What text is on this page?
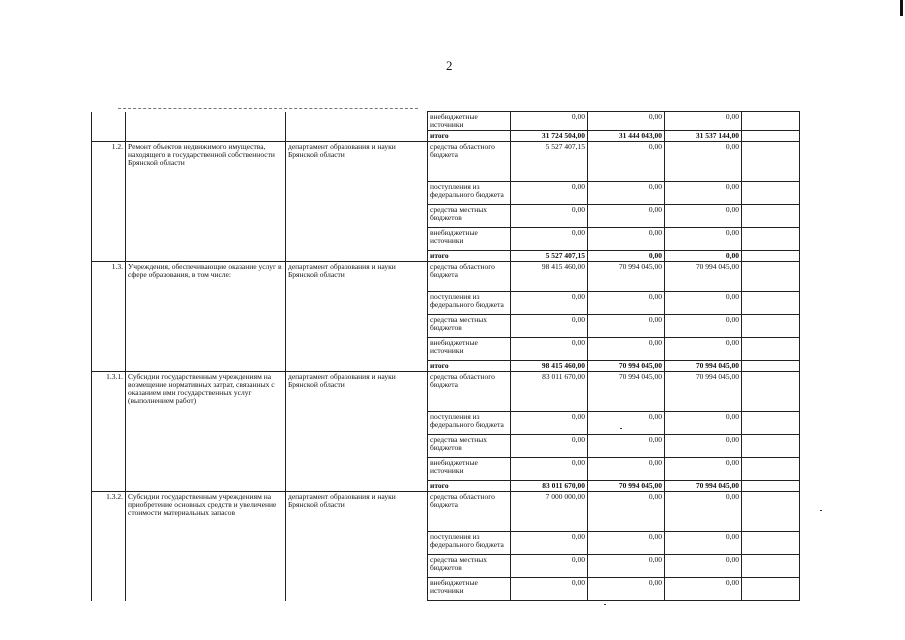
2
			внебюджетные источники	0,00	0,00	0,00	
			итого	31 724 504,00	31 444 043,00	31 537 144,00	
1.2.	Ремонт объектов недвижимого имущества, находящего в государственной собственности Брянской области	департамент образования и науки Брянской области	средства областного бюджета	5 527 407,15	0,00	0,00	
			поступления из федерального бюджета	0,00	0,00	0,00	
			средства местных бюджетов	0,00	0,00	0,00	
			внебюджетные источники	0,00	0,00	0,00	
			итого	5 527 407,15	0,00	0,00	
1.3.	Учреждения, обеспечивающие оказание услуг в сфере образования, в том числе:	департамент образования и науки Брянской области	средства областного бюджета	98 415 460,00	70 994 045,00	70 994 045,00	
			поступления из федерального бюджета	0,00	0,00	0,00	
			средства местных бюджетов	0,00	0,00	0,00	
			внебюджетные источники	0,00	0,00	0,00	
			итого	98 415 460,00	70 994 045,00	70 994 045,00	
1.3.1.	Субсидии государственным учреждениям на возмещение нормативных затрат, связанных с оказанием ими государственных услуг (выполнением работ)	департамент образования и науки Брянской области	средства областного бюджета	83 011 670,00	70 994 045,00	70 994 045,00	
			поступления из федерального бюджета	0,00	0,00	0,00	
			средства местных бюджетов	0,00	0,00	0,00	
			внебюджетные источники	0,00	0,00	0,00	
			итого	83 011 670,00	70 994 045,00	70 994 045,00	
1.3.2.	Субсидии государственным учреждениям на приобретение основных средств и увеличение стоимости материальных запасов	департамент образования и науки Брянской области	средства областного бюджета	7 000 000,00	0,00	0,00	
			поступления из федерального бюджета	0,00	0,00	0,00	
			средства местных бюджетов	0,00	0,00	0,00	
			внебюджетные источники	0,00	0,00	0,00	
